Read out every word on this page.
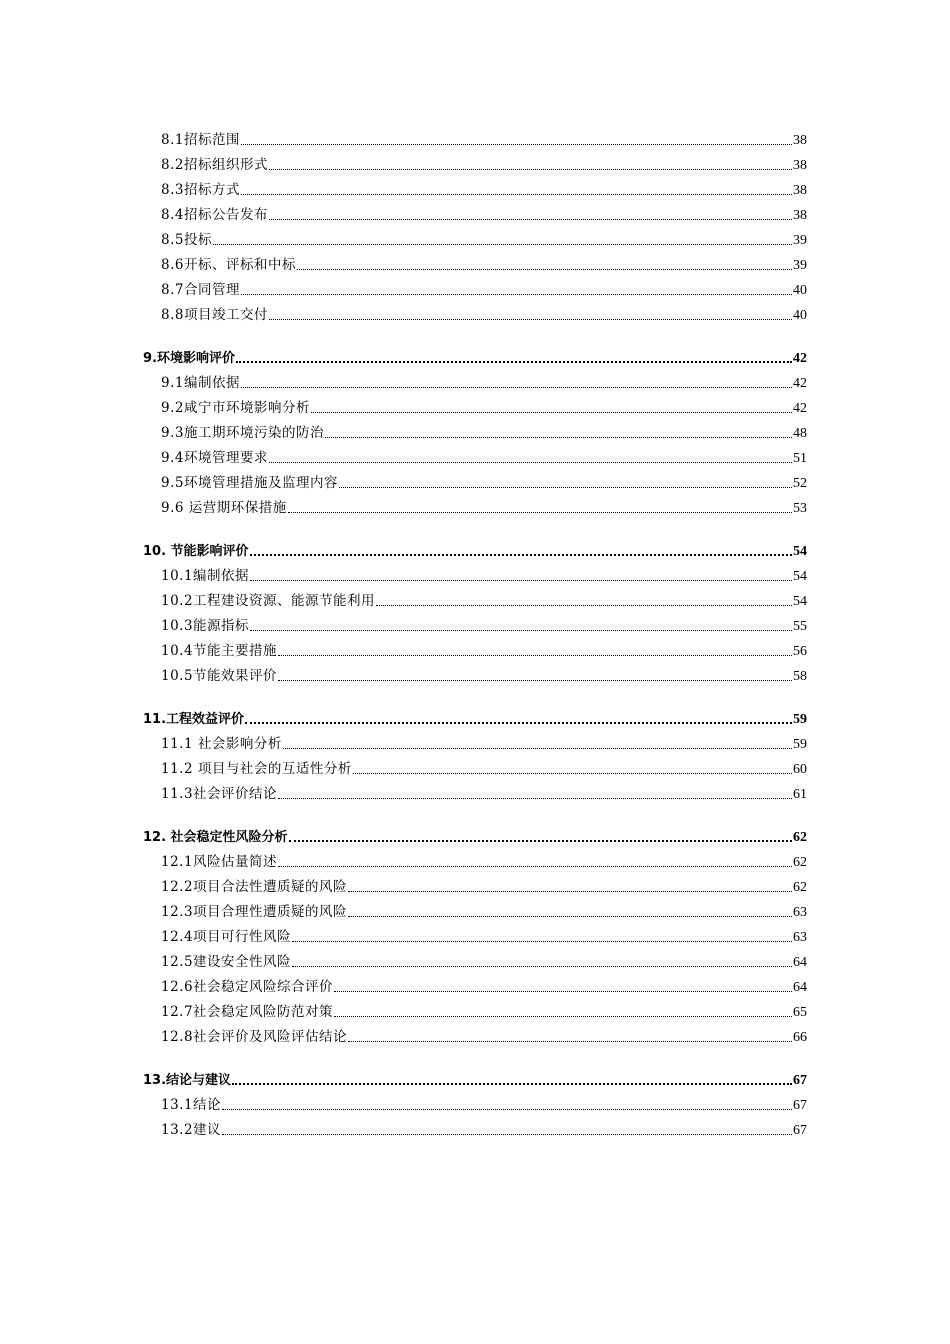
8.1招标范围	38
8.2招标组织形式	38
8.3招标方式	38
8.4招标公告发布	38
8.5投标	39
8.6开标、评标和中标	39
8.7合同管理	40
8.8项目竣工交付	40
9.环境影响评价	42
9.1编制依据	42
9.2咸宁市环境影响分析	42
9.3施工期环境污染的防治	48
9.4环境管理要求	51
9.5环境管理措施及监理内容	52
9.6 运营期环保措施	53
10. 节能影响评价	54
10.1编制依据	54
10.2工程建设资源、能源节能利用	54
10.3能源指标	55
10.4节能主要措施	56
10.5节能效果评价	58
11.工程效益评价	59
11.1 社会影响分析	59
11.2 项目与社会的互适性分析	60
11.3社会评价结论	61
12. 社会稳定性风险分析	62
12.1风险估量简述	62
12.2项目合法性遭质疑的风险	62
12.3项目合理性遭质疑的风险	63
12.4项目可行性风险	63
12.5建设安全性风险	64
12.6社会稳定风险综合评价	64
12.7社会稳定风险防范对策	65
12.8社会评价及风险评估结论	66
13.结论与建议	67
13.1结论	67
13.2建议	67
